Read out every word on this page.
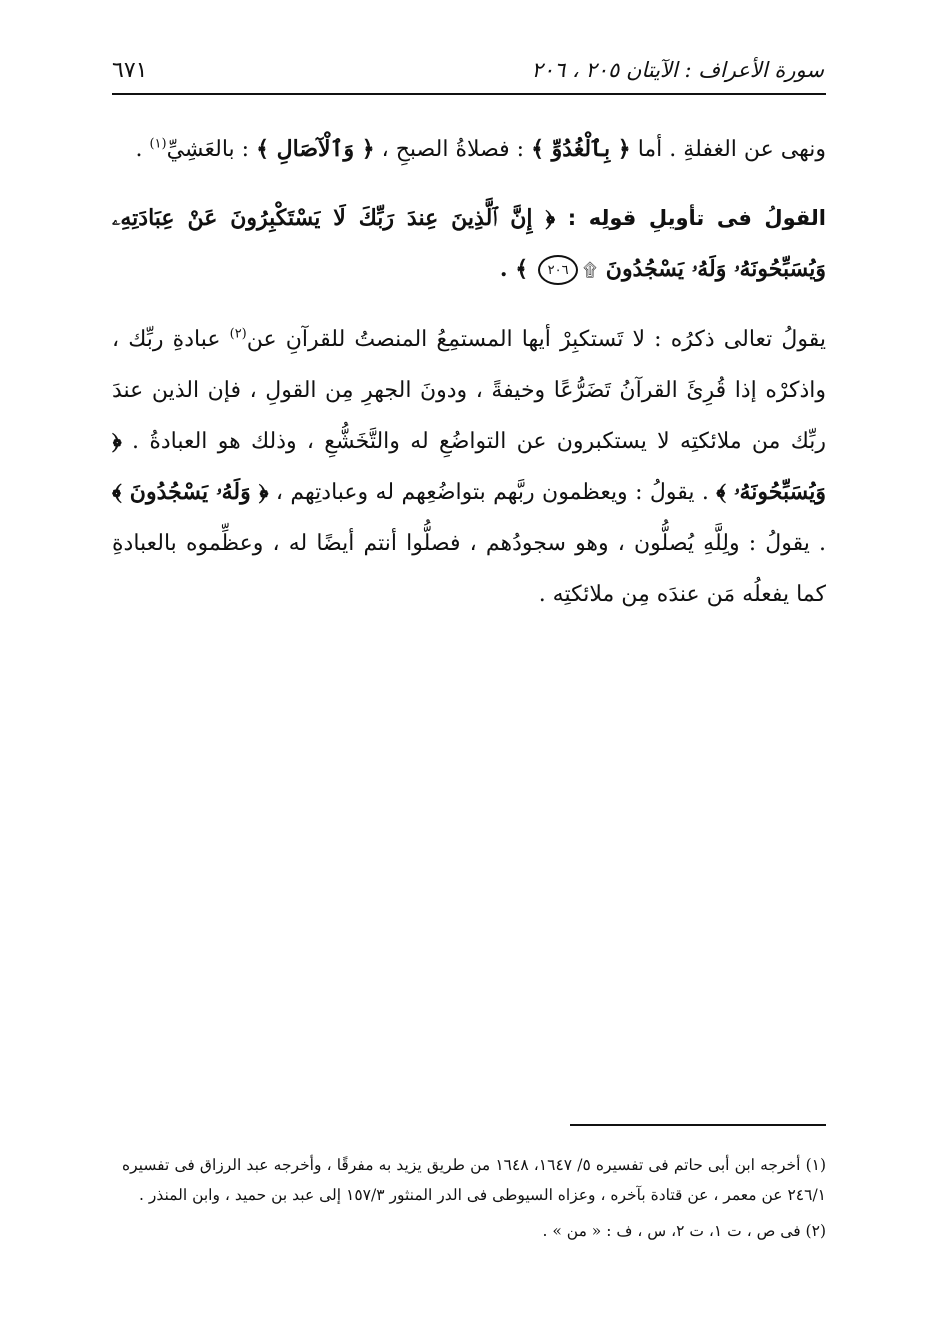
سورة الأعراف : الآيتان ٢٠٥ ، ٢٠٦
٦٧١

ونهى عن الغفلةِ . أما ﴿ بِٱلْغُدُوِّ ﴾ : فصلاةُ الصبحِ ، ﴿ وَٱلْآصَالِ ﴾ : بالعَشِيِّ$^{(١)}$ .

القولُ فى تأويلِ قولِه : ﴿ إِنَّ ٱلَّذِينَ عِندَ رَبِّكَ لَا يَسْتَكْبِرُونَ عَنْ عِبَادَتِهِۦ وَيُسَبِّحُونَهُۥ وَلَهُۥ يَسْجُدُونَ ۩٢٠٦ ﴾ .

يقولُ تعالى ذكرُه : لا تَستكبِرْ أيها المستمِعُ المنصتُ للقرآنِ عن$^{(٢)}$ عبادةِ ربِّك ، واذكرْه إذا قُرِئَ القرآنُ تَضَرُّعًا وخيفةً ، ودونَ الجهرِ مِن القولِ ، فإن الذين عندَ ربِّك من ملائكتِه لا يستكبرون عن التواضُعِ له والتَّخَشُّعِ ، وذلك هو العبادةُ . ﴿ وَيُسَبِّحُونَهُۥ ﴾ . يقولُ : ويعظمون ربَّهم بتواضُعِهم له وعبادتِهم ، ﴿ وَلَهُۥ يَسْجُدُونَ ﴾ . يقولُ : ولِلَّهِ يُصلُّون ، وهو سجودُهم ، فصلُّوا أنتم أيضًا له ، وعظِّموه بالعبادةِ كما يفعلُه مَن عندَه مِن ملائكتِه .

(١) أخرجه ابن أبى حاتم فى تفسيره ٥/ ١٦٤٧، ١٦٤٨ من طريق يزيد به مفرقًا ، وأخرجه عبد الرزاق فى تفسيره ٢٤٦/١ عن معمر ، عن قتادة بآخره ، وعزاه السيوطى فى الدر المنثور ١٥٧/٣ إلى عبد بن حميد ، وابن المنذر .

(٢) فى ص ، ت ١، ت ٢، س ، ف : « من » .
